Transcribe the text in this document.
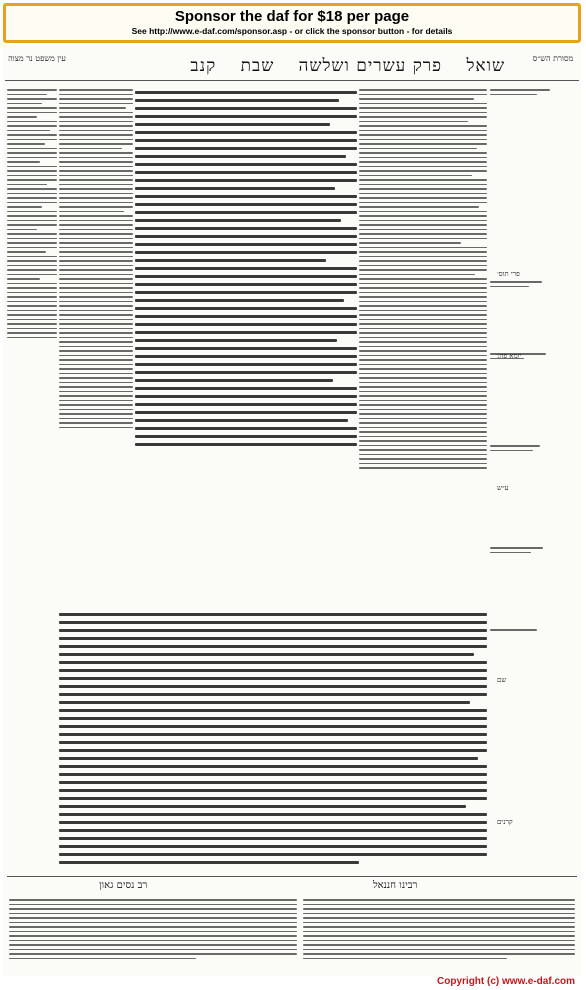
Sponsor the daf for $18 per page
See http://www.e-daf.com/sponsor.asp - or click the sponsor button - for details
שואל פרק עשרים ושלשה שבת קנב	מסורת הש״ס
עין משפט נר מצוה
רבינו חננאל
רב נסים גאון
פרי תוס׳
יומא פה:
ע״ש
שם
קרנים
Copyright (c) www.e-daf.com
